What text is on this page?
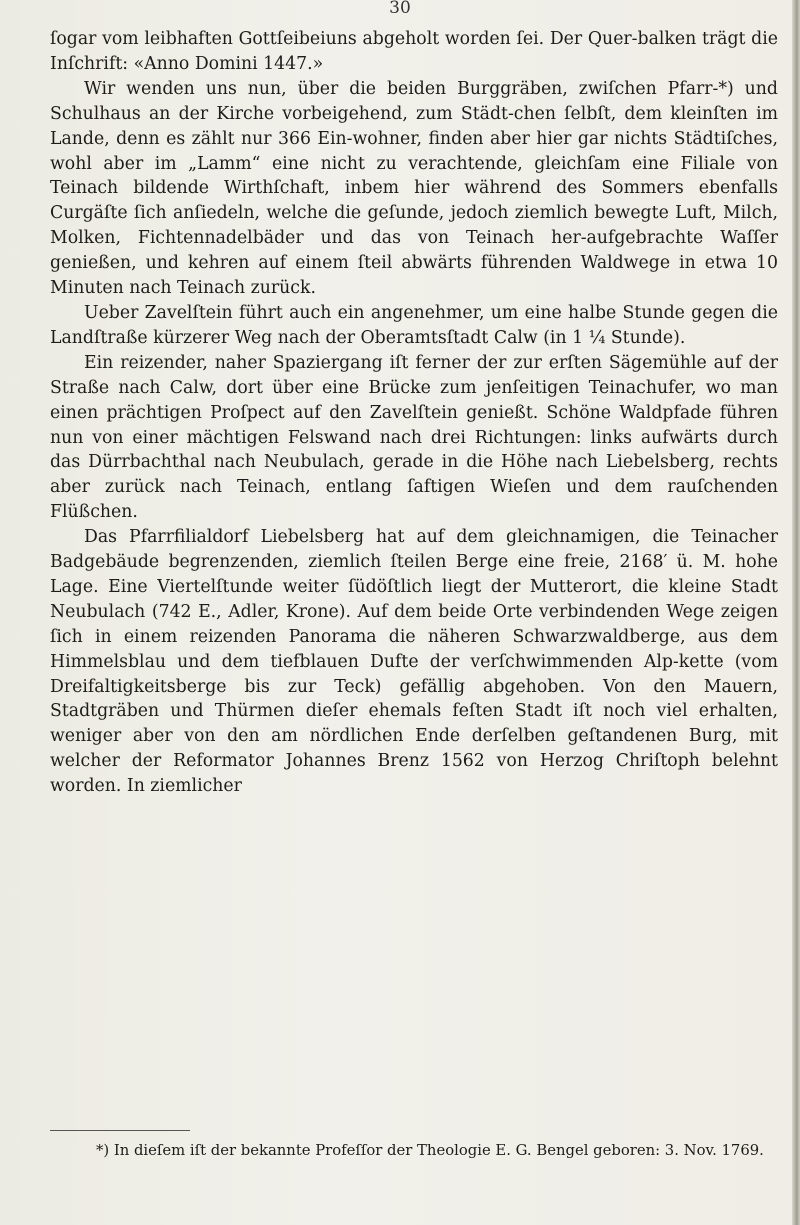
30

ſogar vom leibhaften Gottſeibeiuns abgeholt worden ſei. Der Quer-balken trägt die Inſchrift: «Anno Domini 1447.»

Wir wenden uns nun, über die beiden Burggräben, zwiſchen Pfarr-*) und Schulhaus an der Kirche vorbeigehend, zum Städt-chen ſelbſt, dem kleinſten im Lande, denn es zählt nur 366 Ein-wohner, finden aber hier gar nichts Städtiſches, wohl aber im „Lamm“ eine nicht zu verachtende, gleichſam eine Filiale von Teinach bildende Wirthſchaft, inbem hier während des Sommers ebenfalls Curgäſte ſich anſiedeln, welche die geſunde, jedoch ziemlich bewegte Luft, Milch, Molken, Fichtennadelbäder und das von Teinach her-aufgebrachte Waſſer genießen, und kehren auf einem ſteil abwärts führenden Waldwege in etwa 10 Minuten nach Teinach zurück.

Ueber Zavelſtein führt auch ein angenehmer, um eine halbe Stunde gegen die Landſtraße kürzerer Weg nach der Oberamtsſtadt Calw (in 1 ¼ Stunde).

Ein reizender, naher Spaziergang iſt ferner der zur erſten Sägemühle auf der Straße nach Calw, dort über eine Brücke zum jenſeitigen Teinachufer, wo man einen prächtigen Proſpect auf den Zavelſtein genießt. Schöne Waldpfade führen nun von einer mächtigen Felswand nach drei Richtungen: links aufwärts durch das Dürrbachthal nach Neubulach, gerade in die Höhe nach Liebelsberg, rechts aber zurück nach Teinach, entlang ſaftigen Wieſen und dem rauſchenden Flüßchen.

Das Pfarrfilialdorf Liebelsberg hat auf dem gleichnamigen, die Teinacher Badgebäude begrenzenden, ziemlich ſteilen Berge eine freie, 2168′ ü. M. hohe Lage. Eine Viertelſtunde weiter ſüdöſtlich liegt der Mutterort, die kleine Stadt Neubulach (742 E., Adler, Krone). Auf dem beide Orte verbindenden Wege zeigen ſich in einem reizenden Panorama die näheren Schwarzwaldberge, aus dem Himmelsblau und dem tiefblauen Dufte der verſchwimmenden Alp-kette (vom Dreifaltigkeitsberge bis zur Teck) gefällig abgehoben. Von den Mauern, Stadtgräben und Thürmen dieſer ehemals feſten Stadt iſt noch viel erhalten, weniger aber von den am nördlichen Ende derſelben geſtandenen Burg, mit welcher der Reformator Johannes Brenz 1562 von Herzog Chriſtoph belehnt worden. In ziemlicher

*) In dieſem iſt der bekannte Profeſſor der Theologie E. G. Bengel geboren: 3. Nov. 1769.
